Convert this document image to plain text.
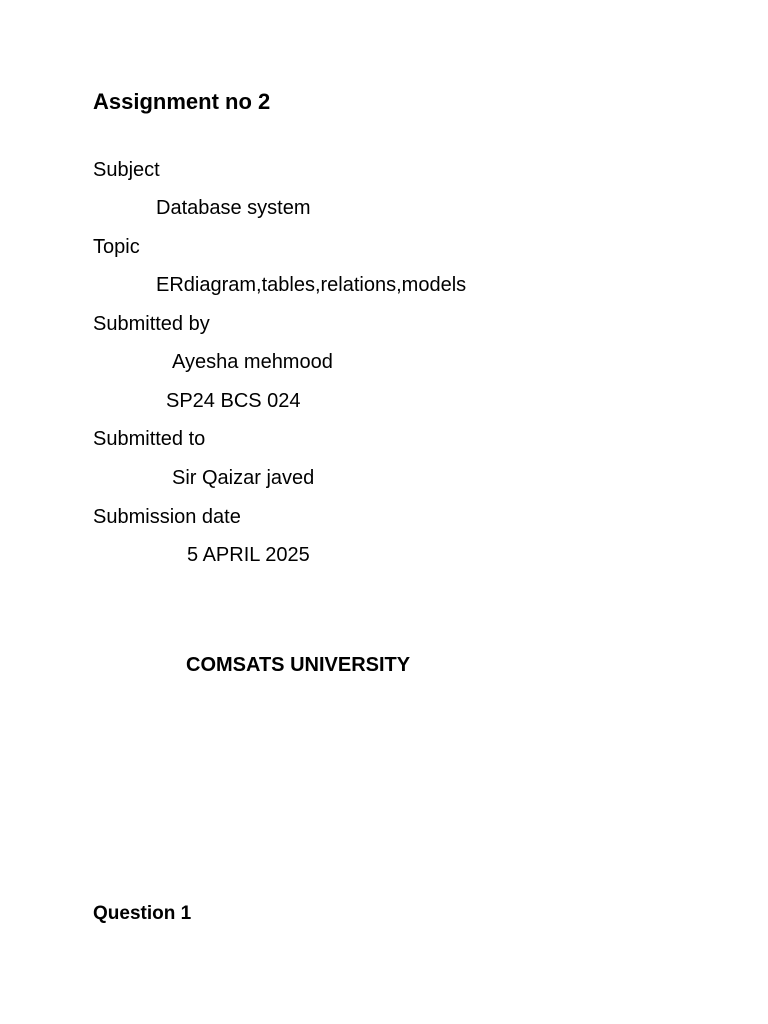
Assignment no 2
Subject
Database system
Topic
ERdiagram,tables,relations,models
Submitted by
Ayesha mehmood
SP24 BCS 024
Submitted to
Sir Qaizar javed
Submission date
5 APRIL 2025
COMSATS UNIVERSITY
Question 1
